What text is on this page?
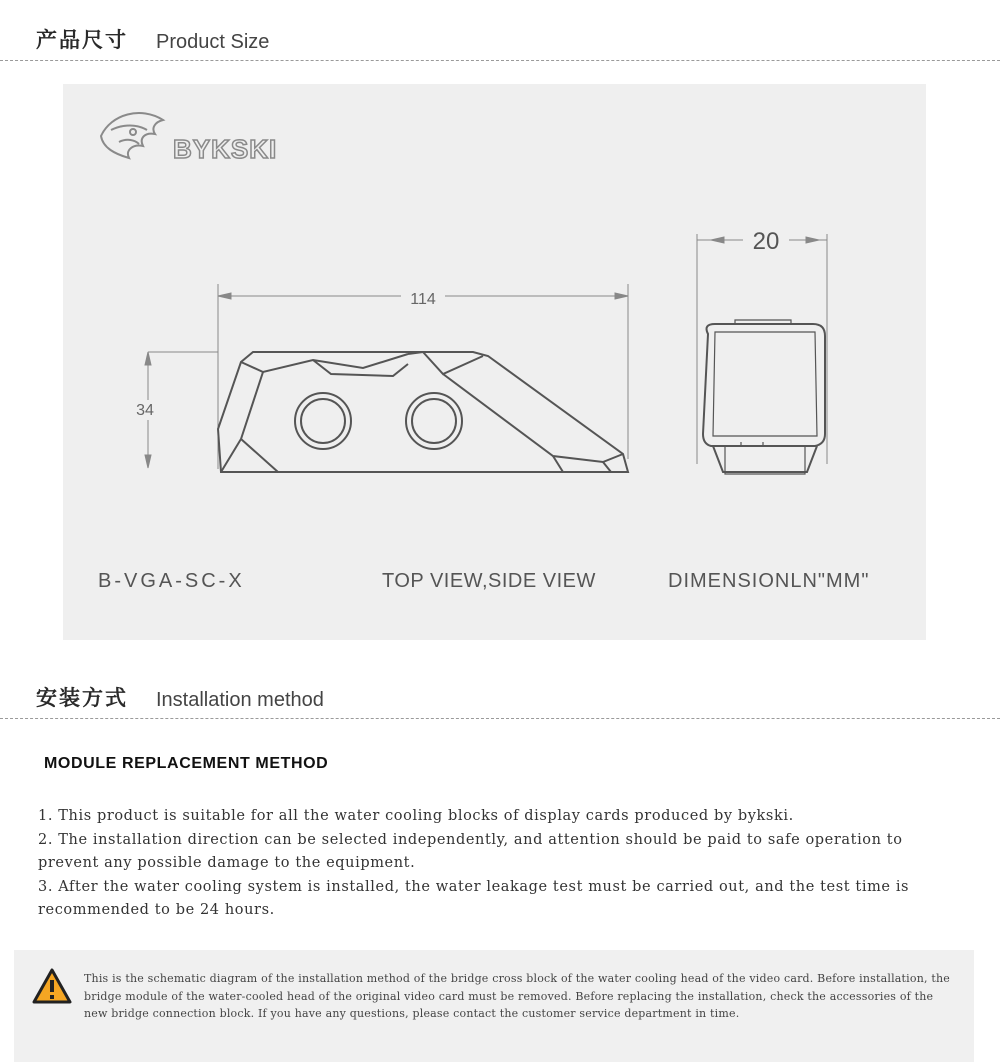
产品尺寸 Product Size
BYKSKI
114
34
20
B-VGA-SC-X	TOP VIEW,SIDE VIEW	DIMENSIONLN"MM"
安装方式 Installation method
MODULE REPLACEMENT METHOD

1. This product is suitable for all the water cooling blocks of display cards produced by bykski.

2. The installation direction can be selected independently, and attention should be paid to safe operation to prevent any possible damage to the equipment.

3. After the water cooling system is installed, the water leakage test must be carried out, and the test time is recommended to be 24 hours.

This is the schematic diagram of the installation method of the bridge cross block of the water cooling head of the video card. Before installation, the bridge module of the water-cooled head of the original video card must be removed. Before replacing the installation, check the accessories of the new bridge connection block. If you have any questions, please contact the customer service department in time.
